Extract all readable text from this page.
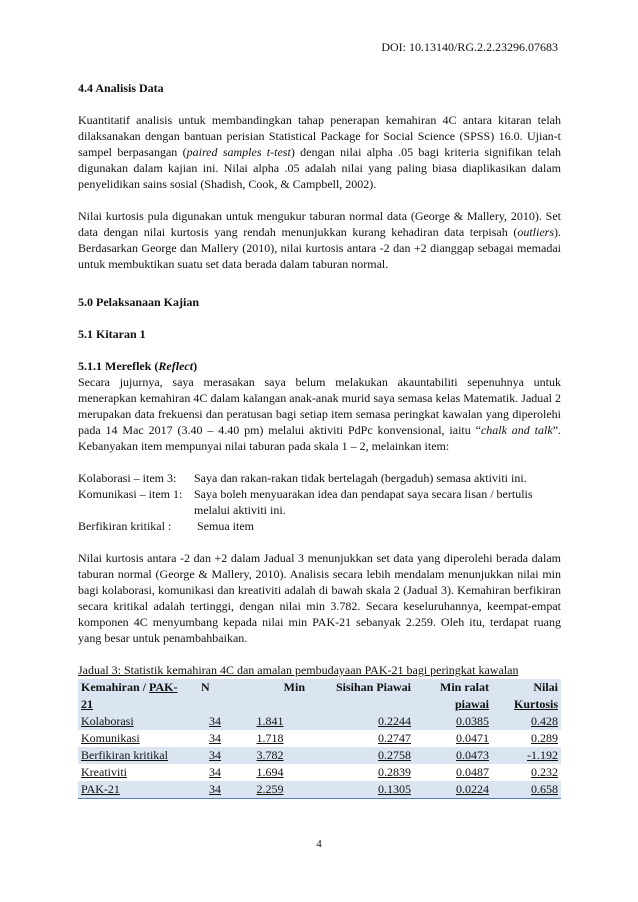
DOI: 10.13140/RG.2.2.23296.07683

4.4 Analisis Data

Kuantitatif analisis untuk membandingkan tahap penerapan kemahiran 4C antara kitaran telah dilaksanakan dengan bantuan perisian Statistical Package for Social Science (SPSS) 16.0. Ujian-t sampel berpasangan (paired samples t-test) dengan nilai alpha .05 bagi kriteria signifikan telah digunakan dalam kajian ini. Nilai alpha .05 adalah nilai yang paling biasa diaplikasikan dalam penyelidikan sains sosial (Shadish, Cook, & Campbell, 2002).

Nilai kurtosis pula digunakan untuk mengukur taburan normal data (George & Mallery, 2010). Set data dengan nilai kurtosis yang rendah menunjukkan kurang kehadiran data terpisah (outliers). Berdasarkan George dan Mallery (2010), nilai kurtosis antara -2 dan +2 dianggap sebagai memadai untuk membuktikan suatu set data berada dalam taburan normal.

5.0 Pelaksanaan Kajian

5.1 Kitaran 1

5.1.1 Mereflek (Reflect)

Secara jujurnya, saya merasakan saya belum melakukan akauntabiliti sepenuhnya untuk menerapkan kemahiran 4C dalam kalangan anak-anak murid saya semasa kelas Matematik. Jadual 2 merupakan data frekuensi dan peratusan bagi setiap item semasa peringkat kawalan yang diperolehi pada 14 Mac 2017 (3.40 – 4.40 pm) melalui aktiviti PdPc konvensional, iaitu “chalk and talk”. Kebanyakan item mempunyai nilai taburan pada skala 1 – 2, melainkan item:

Kolaborasi – item 3:	Saya dan rakan-rakan tidak bertelagah (bergaduh) semasa aktiviti ini.
Komunikasi – item 1: Saya boleh menyuarakan idea dan pendapat saya secara lisan / bertulis melalui aktiviti ini.
Berfikiran kritikal :	Semua item

Nilai kurtosis antara -2 dan +2 dalam Jadual 3 menunjukkan set data yang diperolehi berada dalam taburan normal (George & Mallery, 2010). Analisis secara lebih mendalam menunjukkan nilai min bagi kolaborasi, komunikasi dan kreativiti adalah di bawah skala 2 (Jadual 3). Kemahiran berfikiran secara kritikal adalah tertinggi, dengan nilai min 3.782. Secara keseluruhannya, keempat-empat komponen 4C menyumbang kepada nilai min PAK-21 sebanyak 2.259. Oleh itu, terdapat ruang yang besar untuk penambahbaikan.

Jadual 3: Statistik kemahiran 4C dan amalan pembudayaan PAK-21 bagi peringkat kawalan
Kemahiran / PAK-
21	N	Min	Sisihan Piawai	Min ralat
piawai	Nilai
Kurtosis
Kolaborasi	34	1.841	0.2244	0.0385	0.428
Komunikasi	34	1.718	0.2747	0.0471	0.289
Berfikiran kritikal	34	3.782	0.2758	0.0473	-1.192
Kreativiti	34	1.694	0.2839	0.0487	0.232
PAK-21	34	2.259	0.1305	0.0224	0.658
4
